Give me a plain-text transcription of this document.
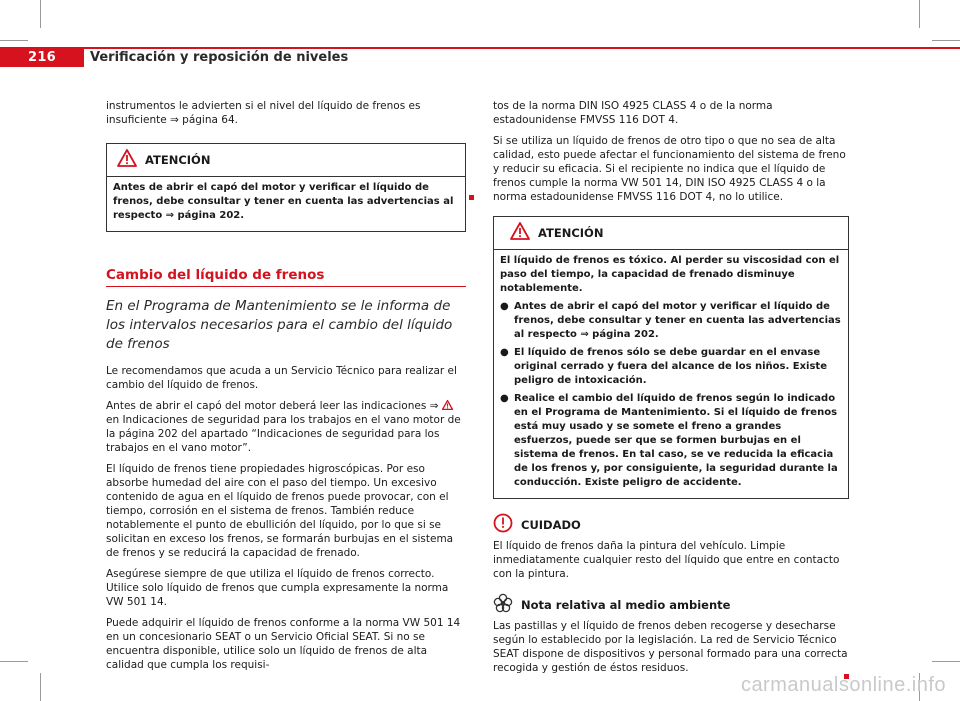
216	Verificación y reposición de niveles

instrumentos le advierten si el nivel del líquido de frenos es insuficiente ⇒ página 64.

ATENCIÓN

Antes de abrir el capó del motor y verificar el líquido de frenos, debe consultar y tener en cuenta las advertencias al respecto ⇒ página 202.

Cambio del líquido de frenos
En el Programa de Mantenimiento se le informa de los intervalos necesarios para el cambio del líquido de frenos

Le recomendamos que acuda a un Servicio Técnico para realizar el cambio del líquido de frenos.

Antes de abrir el capó del motor deberá leer las indicaciones ⇒  en Indicaciones de seguridad para los trabajos en el vano motor de la página 202 del apartado “Indicaciones de seguridad para los trabajos en el vano motor”.

El líquido de frenos tiene propiedades higroscópicas. Por eso absorbe humedad del aire con el paso del tiempo. Un excesivo contenido de agua en el líquido de frenos puede provocar, con el tiempo, corrosión en el sistema de frenos. También reduce notablemente el punto de ebullición del líquido, por lo que si se solicitan en exceso los frenos, se formarán burbujas en el sistema de frenos y se reducirá la capacidad de frenado.

Asegúrese siempre de que utiliza el líquido de frenos correcto. Utilice solo líquido de frenos que cumpla expresamente la norma VW 501 14.

Puede adquirir el líquido de frenos conforme a la norma VW 501 14 en un concesionario SEAT o un Servicio Oficial SEAT. Si no se encuentra disponible, utilice solo un líquido de frenos de alta calidad que cumpla los requisi-

tos de la norma DIN ISO 4925 CLASS 4 o de la norma estadounidense FMVSS 116 DOT 4.

Si se utiliza un líquido de frenos de otro tipo o que no sea de alta calidad, esto puede afectar el funcionamiento del sistema de freno y reducir su eficacia. Si el recipiente no indica que el líquido de frenos cumple la norma VW 501 14, DIN ISO 4925 CLASS 4 o la norma estadounidense FMVSS 116 DOT 4, no lo utilice.

ATENCIÓN

El líquido de frenos es tóxico. Al perder su viscosidad con el paso del tiempo, la capacidad de frenado disminuye notablemente.

● Antes de abrir el capó del motor y verificar el líquido de frenos, debe consultar y tener en cuenta las advertencias al respecto ⇒ página 202.

● El líquido de frenos sólo se debe guardar en el envase original cerrado y fuera del alcance de los niños. Existe peligro de intoxicación.

● Realice el cambio del líquido de frenos según lo indicado en el Programa de Mantenimiento. Si el líquido de frenos está muy usado y se somete el freno a grandes esfuerzos, puede ser que se formen burbujas en el sistema de frenos. En tal caso, se ve reducida la eficacia de los frenos y, por consiguiente, la seguridad durante la conducción. Existe peligro de accidente.

CUIDADO

El líquido de frenos daña la pintura del vehículo. Limpie inmediatamente cualquier resto del líquido que entre en contacto con la pintura.

Nota relativa al medio ambiente

Las pastillas y el líquido de frenos deben recogerse y desecharse según lo establecido por la legislación. La red de Servicio Técnico SEAT dispone de dispositivos y personal formado para una correcta recogida y gestión de éstos residuos.

carmanualsonline.info
